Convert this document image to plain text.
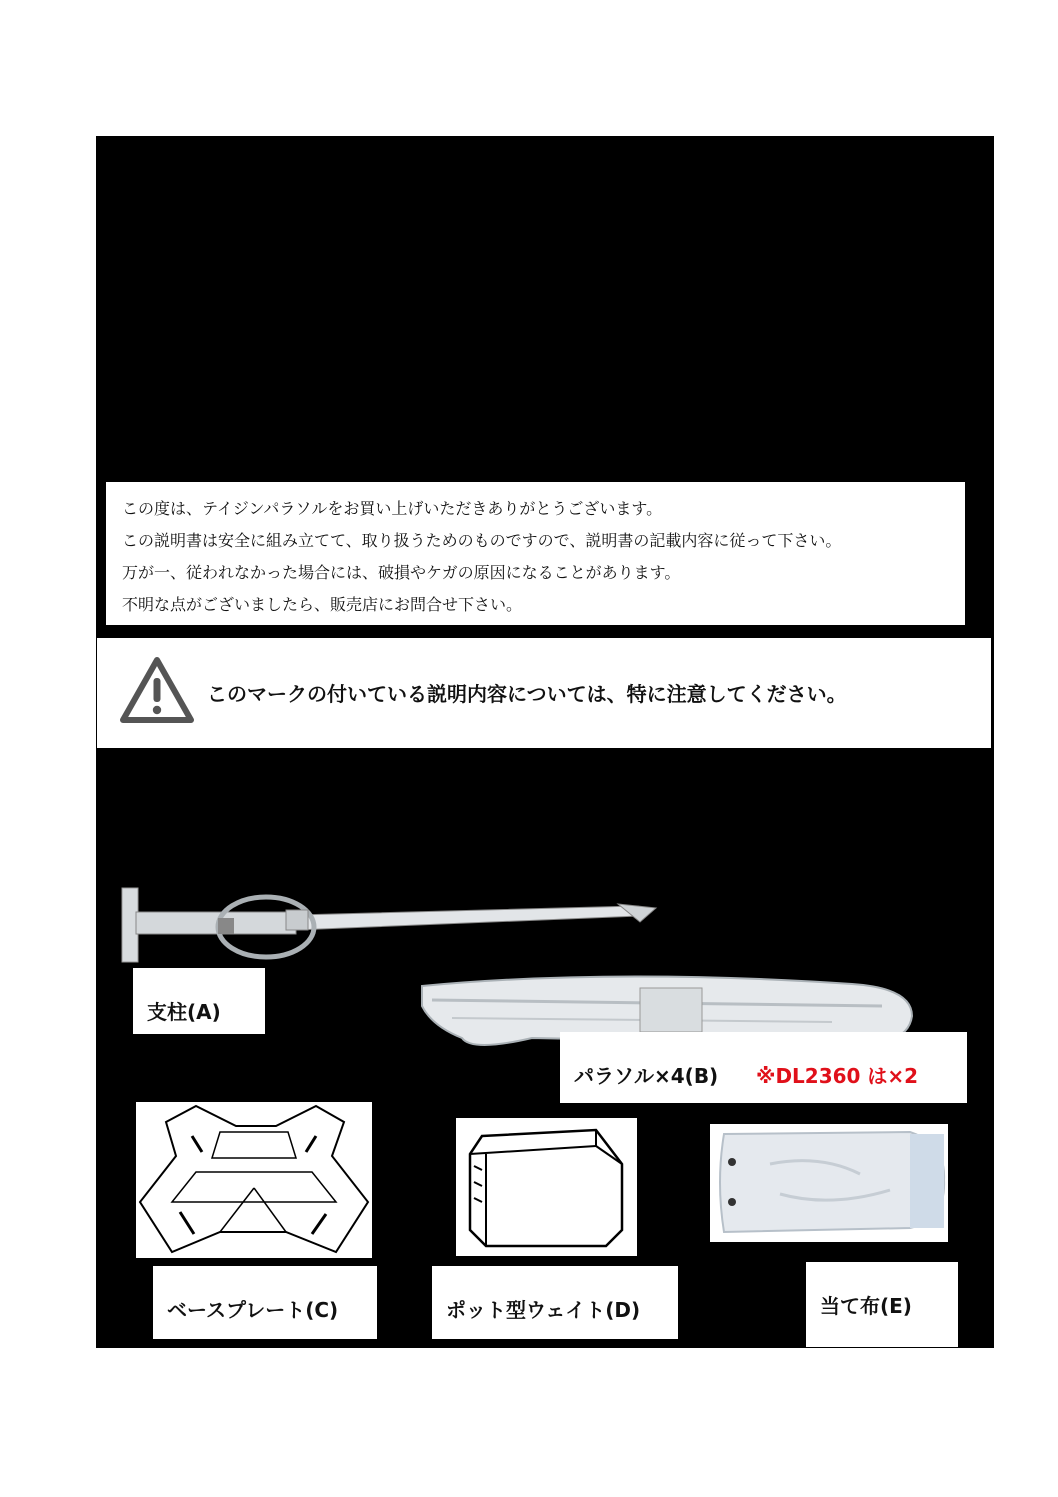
この度は、テイジンパラソルをお買い上げいただきありがとうございます。

この説明書は安全に組み立てて、取り扱うためのものですので、説明書の記載内容に従って下さい。

万が一、従われなかった場合には、破損やケガの原因になることがあります。

不明な点がございましたら、販売店にお問合せ下さい。

このマークの付いている説明内容については、特に注意してください。
支柱(A)
パラソル×4(B) ※DL2360 は×2
ベースプレート(C)	ポット型ウェイト(D)	当て布(E)
